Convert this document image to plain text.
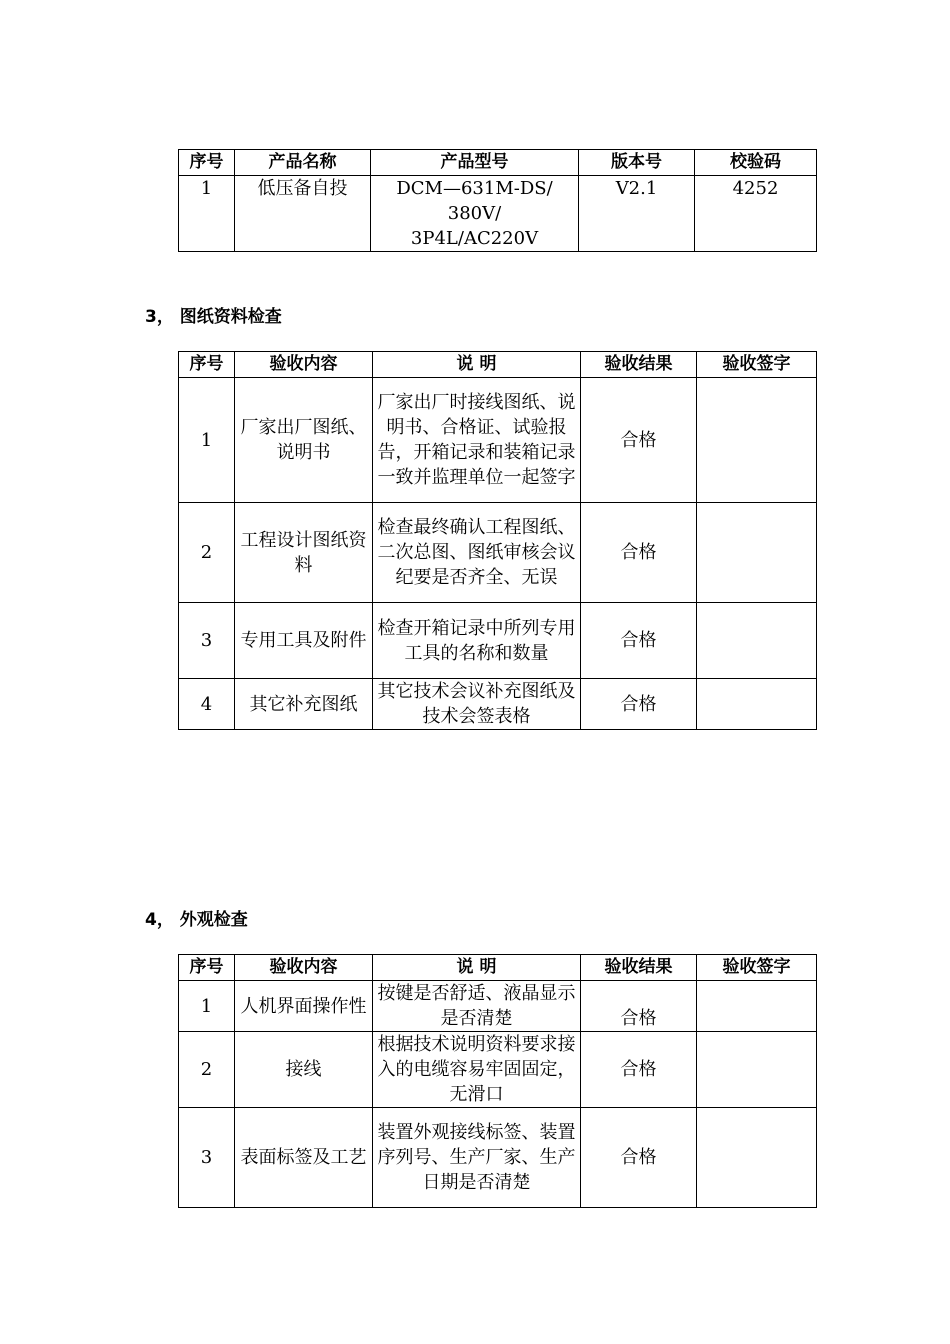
序号	产品名称	产品型号	版本号	校验码
1	低压备自投	DCM—631M-DS/
380V/
3P4L/AC220V	V2.1	4252
3， 图纸资料检查
序号	验收内容	说 明	验收结果	验收签字
1	厂家出厂图纸、说明书	厂家出厂时接线图纸、说明书、合格证、试验报告，开箱记录和装箱记录一致并监理单位一起签字	合格	
2	工程设计图纸资料	检查最终确认工程图纸、二次总图、图纸审核会议纪要是否齐全、无误	合格	
3	专用工具及附件	检查开箱记录中所列专用工具的名称和数量	合格	
4	其它补充图纸	其它技术会议补充图纸及技术会签表格	合格	
4， 外观检查
序号	验收内容	说 明	验收结果	验收签字
1	人机界面操作性	按键是否舒适、液晶显示是否清楚	合格	
2	接线	根据技术说明资料要求接入的电缆容易牢固固定，无滑口	合格	
3	表面标签及工艺	装置外观接线标签、装置序列号、生产厂家、生产日期是否清楚	合格	
